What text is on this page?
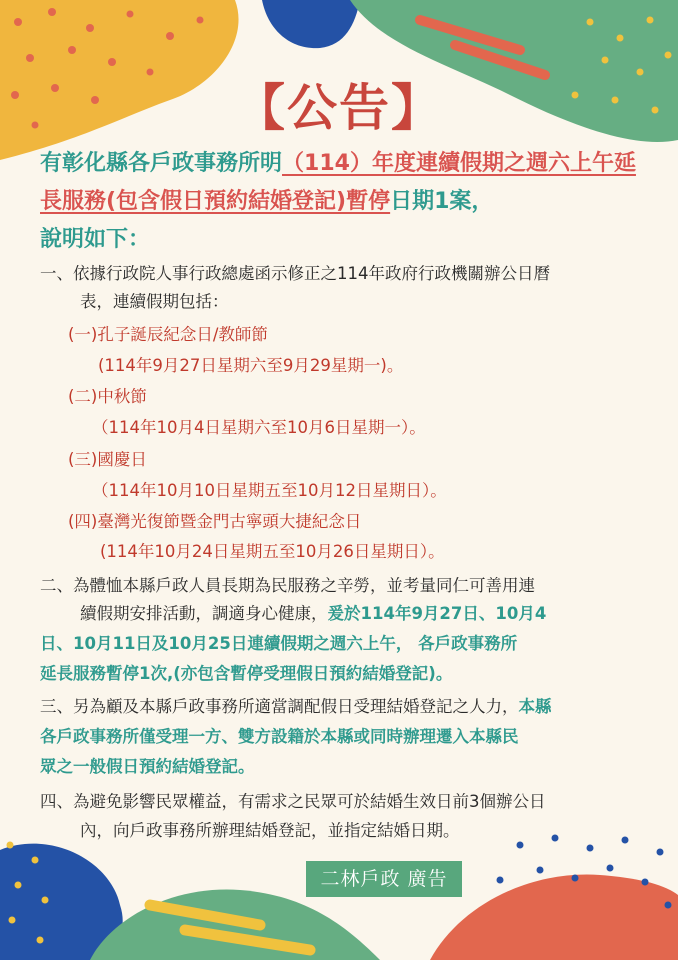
【公告】
有彰化縣各戶政事務所明（114）年度連續假期之週六上午延長服務(包含假日預約結婚登記)暫停日期1案，
說明如下：
一、依據行政院人事行政總處函示修正之114年政府行政機關辦公日曆
表，連續假期包括：
(一)孔子誕辰紀念日/教師節
(114年9月27日星期六至9月29星期一)。
(二)中秋節
（114年10月4日星期六至10月6日星期一）。
(三)國慶日
（114年10月10日星期五至10月12日星期日）。
(四)臺灣光復節暨金門古寧頭大捷紀念日
(114年10月24日星期五至10月26日星期日）。
二、為體恤本縣戶政人員長期為民服務之辛勞，並考量同仁可善用連
續假期安排活動，調適身心健康，爰於114年9月27日、10月4
日、10月11日及10月25日連續假期之週六上午， 各戶政事務所
延長服務暫停1次,(亦包含暫停受理假日預約結婚登記)。
三、另為顧及本縣戶政事務所適當調配假日受理結婚登記之人力，本縣
各戶政事務所僅受理一方、雙方設籍於本縣或同時辦理遷入本縣民
眾之一般假日預約結婚登記。
四、為避免影響民眾權益，有需求之民眾可於結婚生效日前3個辦公日
內，向戶政事務所辦理結婚登記，並指定結婚日期。
二林戶政 廣告
